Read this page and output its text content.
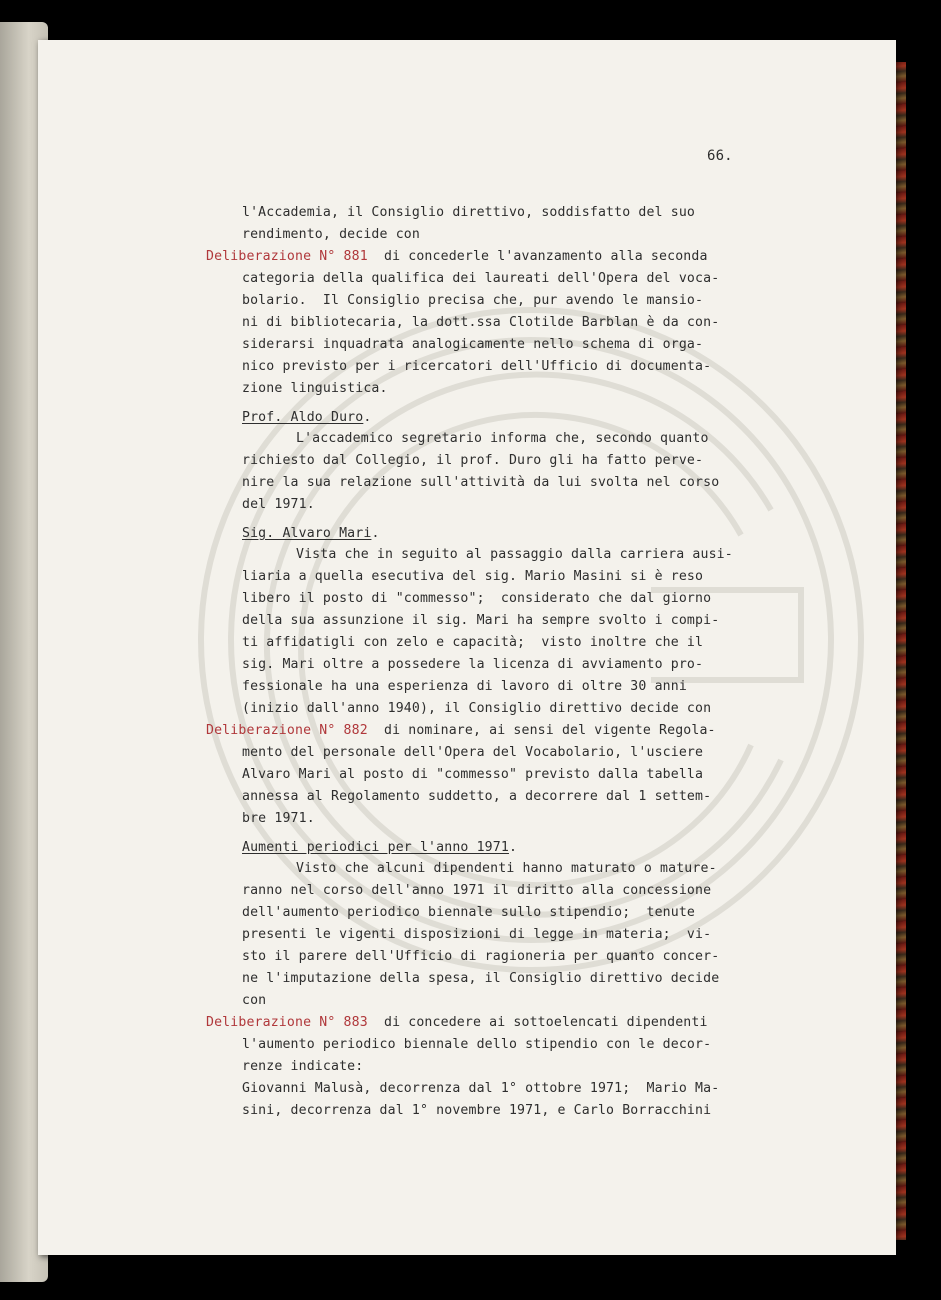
66.
l'Accademia, il Consiglio direttivo, soddisfatto del suo
rendimento, decide con
Deliberazione N° 881  di concederle l'avanzamento alla seconda
categoria della qualifica dei laureati dell'Opera del voca-
bolario.  Il Consiglio precisa che, pur avendo le mansio-
ni di bibliotecaria, la dott.ssa Clotilde Barblan è da con-
siderarsi inquadrata analogicamente nello schema di orga-
nico previsto per i ricercatori dell'Ufficio di documenta-
zione linguistica.
Prof. Aldo Duro.
L'accademico segretario informa che, secondo quanto
richiesto dal Collegio, il prof. Duro gli ha fatto perve-
nire la sua relazione sull'attività da lui svolta nel corso
del 1971.
Sig. Alvaro Mari.
Vista che in seguito al passaggio dalla carriera ausi-
liaria a quella esecutiva del sig. Mario Masini si è reso
libero il posto di "commesso";  considerato che dal giorno
della sua assunzione il sig. Mari ha sempre svolto i compi-
ti affidatigli con zelo e capacità;  visto inoltre che il
sig. Mari oltre a possedere la licenza di avviamento pro-
fessionale ha una esperienza di lavoro di oltre 30 anni
(inizio dall'anno 1940), il Consiglio direttivo decide con
Deliberazione N° 882  di nominare, ai sensi del vigente Regola-
mento del personale dell'Opera del Vocabolario, l'usciere
Alvaro Mari al posto di "commesso" previsto dalla tabella
annessa al Regolamento suddetto, a decorrere dal 1 settem-
bre 1971.
Aumenti periodici per l'anno 1971.
Visto che alcuni dipendenti hanno maturato o mature-
ranno nel corso dell'anno 1971 il diritto alla concessione
dell'aumento periodico biennale sullo stipendio;  tenute
presenti le vigenti disposizioni di legge in materia;  vi-
sto il parere dell'Ufficio di ragioneria per quanto concer-
ne l'imputazione della spesa, il Consiglio direttivo decide
con
Deliberazione N° 883  di concedere ai sottoelencati dipendenti
l'aumento periodico biennale dello stipendio con le decor-
renze indicate:
Giovanni Malusà, decorrenza dal 1° ottobre 1971;  Mario Ma-
sini, decorrenza dal 1° novembre 1971, e Carlo Borracchini
